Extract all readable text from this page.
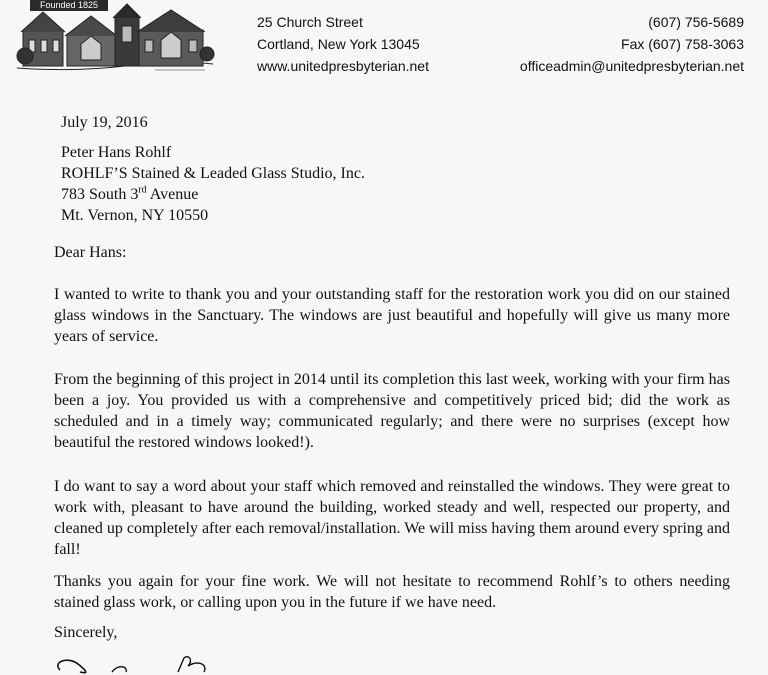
Founded 1825
25 Church Street
Cortland, New York 13045
www.unitedpresbyterian.net
(607) 756-5689
Fax (607) 758-3063
officeadmin@unitedpresbyterian.net
July 19, 2016
Peter Hans Rohlf
ROHLF’S Stained & Leaded Glass Studio, Inc.
783 South 3rd Avenue
Mt. Vernon, NY 10550
Dear Hans:

I wanted to write to thank you and your outstanding staff for the restoration work you did on our stained glass windows in the Sanctuary. The windows are just beautiful and hopefully will give us many more years of service.

From the beginning of this project in 2014 until its completion this last week, working with your firm has been a joy. You provided us with a comprehensive and competitively priced bid; did the work as scheduled and in a timely way; communicated regularly; and there were no surprises (except how beautiful the restored windows looked!).

I do want to say a word about your staff which removed and reinstalled the windows. They were great to work with, pleasant to have around the building, worked steady and well, respected our property, and cleaned up completely after each removal/installation. We will miss having them around every spring and fall!

Thanks you again for your fine work. We will not hesitate to recommend Rohlf’s to others needing stained glass work, or calling upon you in the future if we have need.

Sincerely,
